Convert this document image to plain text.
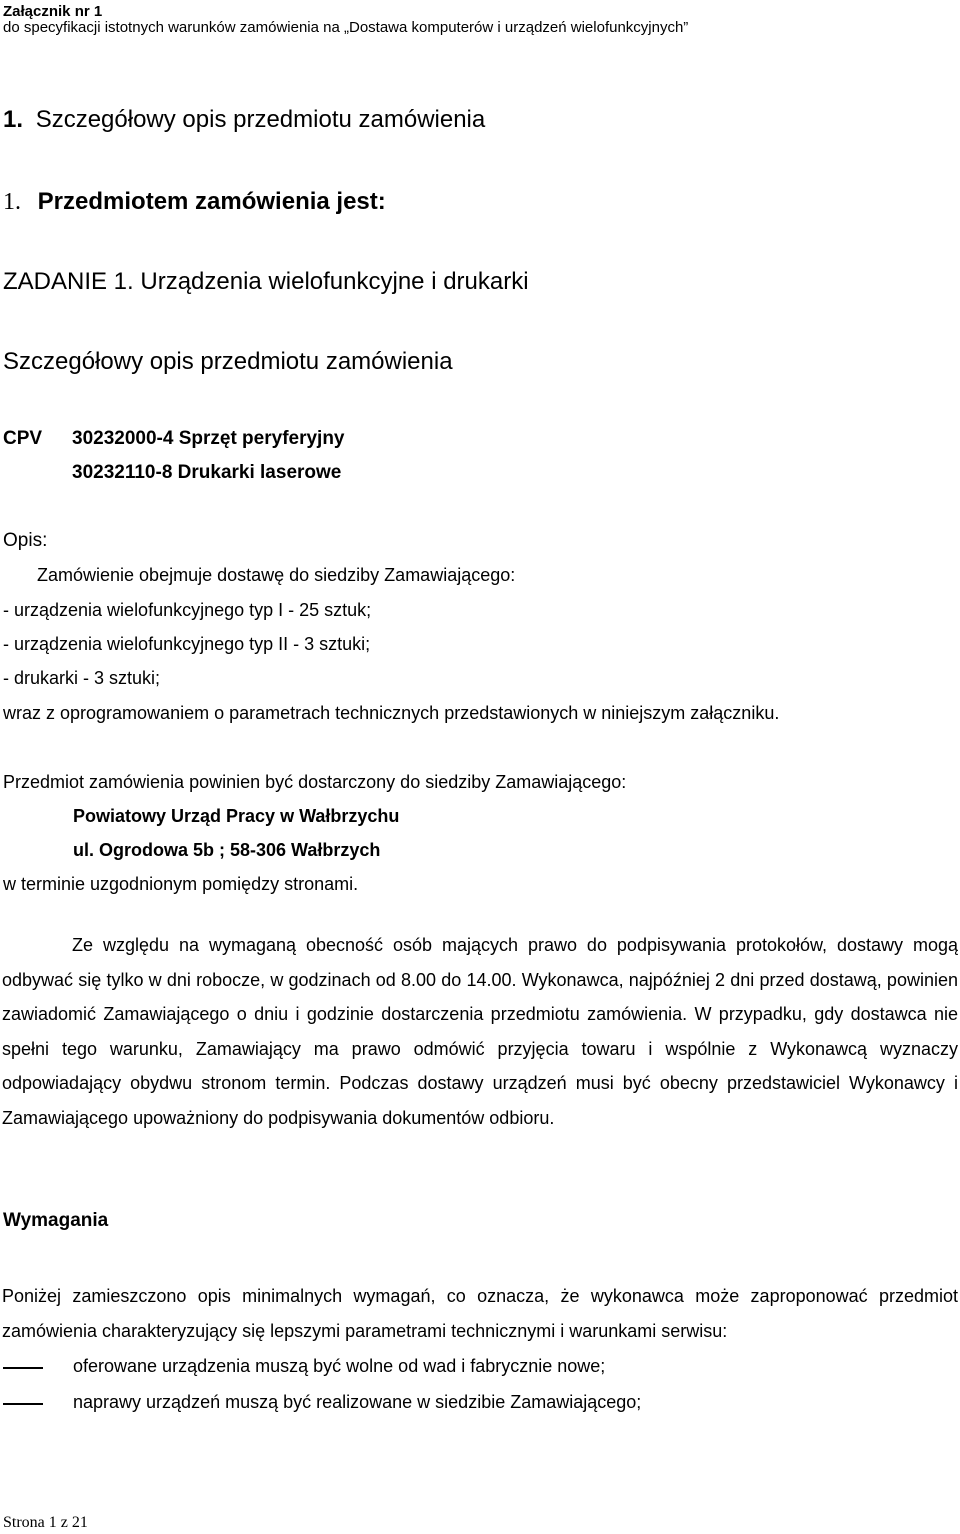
Załącznik nr 1
do specyfikacji istotnych warunków zamówienia na „Dostawa komputerów i urządzeń wielofunkcyjnych”
1. Szczegółowy opis przedmiotu zamówienia
1. Przedmiotem zamówienia jest:
ZADANIE 1. Urządzenia wielofunkcyjne i drukarki
Szczegółowy opis przedmiotu zamówienia
CPV 30232000-4 Sprzęt peryferyjny
30232110-8 Drukarki laserowe
Opis:
Zamówienie obejmuje dostawę do siedziby Zamawiającego:
- urządzenia wielofunkcyjnego typ I - 25 sztuk;
- urządzenia wielofunkcyjnego typ II - 3 sztuki;
- drukarki - 3 sztuki;
wraz z oprogramowaniem o parametrach technicznych przedstawionych w niniejszym załączniku.
Przedmiot zamówienia powinien być dostarczony do siedziby Zamawiającego:
Powiatowy Urząd Pracy w Wałbrzychu
ul. Ogrodowa 5b ; 58-306 Wałbrzych
w terminie uzgodnionym pomiędzy stronami.
Ze względu na wymaganą obecność osób mających prawo do podpisywania protokołów, dostawy mogą odbywać się tylko w dni robocze, w godzinach od 8.00 do 14.00. Wykonawca, najpóźniej 2 dni przed dostawą, powinien zawiadomić Zamawiającego o dniu i godzinie dostarczenia przedmiotu zamówienia. W przypadku, gdy dostawca nie spełni tego warunku, Zamawiający ma prawo odmówić przyjęcia towaru i wspólnie z Wykonawcą wyznaczy odpowiadający obydwu stronom termin. Podczas dostawy urządzeń musi być obecny przedstawiciel Wykonawcy i Zamawiającego upoważniony do podpisywania dokumentów odbioru.
Wymagania
Poniżej zamieszczono opis minimalnych wymagań, co oznacza, że wykonawca może zaproponować przedmiot zamówienia charakteryzujący się lepszymi parametrami technicznymi i warunkami serwisu:
oferowane urządzenia muszą być wolne od wad i fabrycznie nowe;
naprawy urządzeń muszą być realizowane w siedzibie Zamawiającego;
Strona 1 z 21
